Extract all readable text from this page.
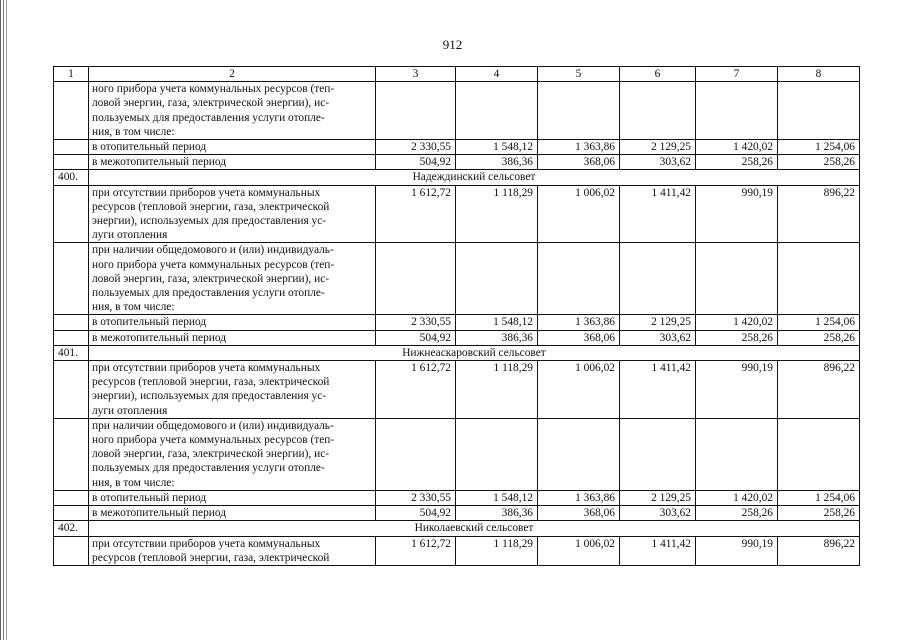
912
1	2	3	4	5	6	7	8

	ного прибора учета коммунальных ресурсов (теп-
ловой энергии, газа, электрической энергии), ис-
пользуемых для предоставления услуги отопле-
ния, в том числе:						

	в отопительный период	2 330,55	1 548,12	1 363,86	2 129,25	1 420,02	1 254,06
	в межотопительный период	504,92	386,36	368,06	303,62	258,26	258,26
400.	Надеждинский сельсовет						

	при отсутствии приборов учета коммунальных
ресурсов (тепловой энергии, газа, электрической
энергии), используемых для предоставления ус-
луги отопления	1 612,72	1 118,29	1 006,02	1 411,42	990,19	896,22

	при наличии общедомового и (или) индивидуаль-
ного прибора учета коммунальных ресурсов (теп-
ловой энергии, газа, электрической энергии), ис-
пользуемых для предоставления услуги отопле-
ния, в том числе:						

	в отопительный период	2 330,55	1 548,12	1 363,86	2 129,25	1 420,02	1 254,06
	в межотопительный период	504,92	386,36	368,06	303,62	258,26	258,26
401.	Нижнеаскаровский сельсовет						

	при отсутствии приборов учета коммунальных
ресурсов (тепловой энергии, газа, электрической
энергии), используемых для предоставления ус-
луги отопления	1 612,72	1 118,29	1 006,02	1 411,42	990,19	896,22

	при наличии общедомового и (или) индивидуаль-
ного прибора учета коммунальных ресурсов (теп-
ловой энергии, газа, электрической энергии), ис-
пользуемых для предоставления услуги отопле-
ния, в том числе:						

	в отопительный период	2 330,55	1 548,12	1 363,86	2 129,25	1 420,02	1 254,06
	в межотопительный период	504,92	386,36	368,06	303,62	258,26	258,26
402.	Николаевский сельсовет						

	при отсутствии приборов учета коммунальных
ресурсов (тепловой энергии, газа, электрической	1 612,72	1 118,29	1 006,02	1 411,42	990,19	896,22
